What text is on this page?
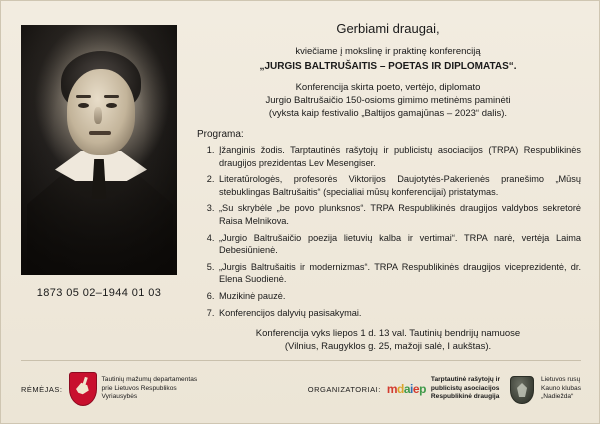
1873 05 02–1944 01 03
Gerbiami draugai,

kviečiame į mokslinę ir praktinę konferenciją

„JURGIS BALTRUŠAITIS – POETAS IR DIPLOMATAS“.

Konferencija skirta poeto, vertėjo, diplomato

Jurgio Baltrušaičio 150-osioms gimimo metinėms paminėti

(vyksta kaip festivalio „Baltijos gamajūnas – 2023“ dalis).

Programa:
1. Įžanginis žodis. Tarptautinės rašytojų ir publicistų asociacijos (TRPA) Respublikinės draugijos prezidentas Lev Mesengiser.
2. Literatūrologės, profesorės Viktorijos Daujotytės-Pakerienės pranešimo „Mūsų stebuklingas Baltrušaitis“ (specialiai mūsų konferencijai) pristatymas.
3. „Su skrybėle „be povo plunksnos“. TRPA Respublikinės draugijos valdybos sekretorė Raisa Melnikova.
4. „Jurgio Baltrušaičio poezija lietuvių kalba ir vertimai“. TRPA narė, vertėja Laima Debesiūnienė.
5. „Jurgis Baltrušaitis ir modernizmas“. TRPA Respublikinės draugijos viceprezidentė, dr. Elena Suodienė.
6. Muzikinė pauzė.
7. Konferencijos dalyvių pasisakymai.
Konferencija vyks liepos 1 d. 13 val. Tautinių bendrijų namuose
(Vilnius, Raugyklos g. 25, mažoji salė, I aukštas).
RĖMĖJAS:
Tautinių mažumų departamentas
prie Lietuvos Respublikos
Vyriausybės
ORGANIZATORIAI: m d a i e p
Tarptautinė rašytojų ir
publicistų asociacijos
Respublikinė draugija
Lietuvos rusų
Kauno klubas
„Nadiežda“
